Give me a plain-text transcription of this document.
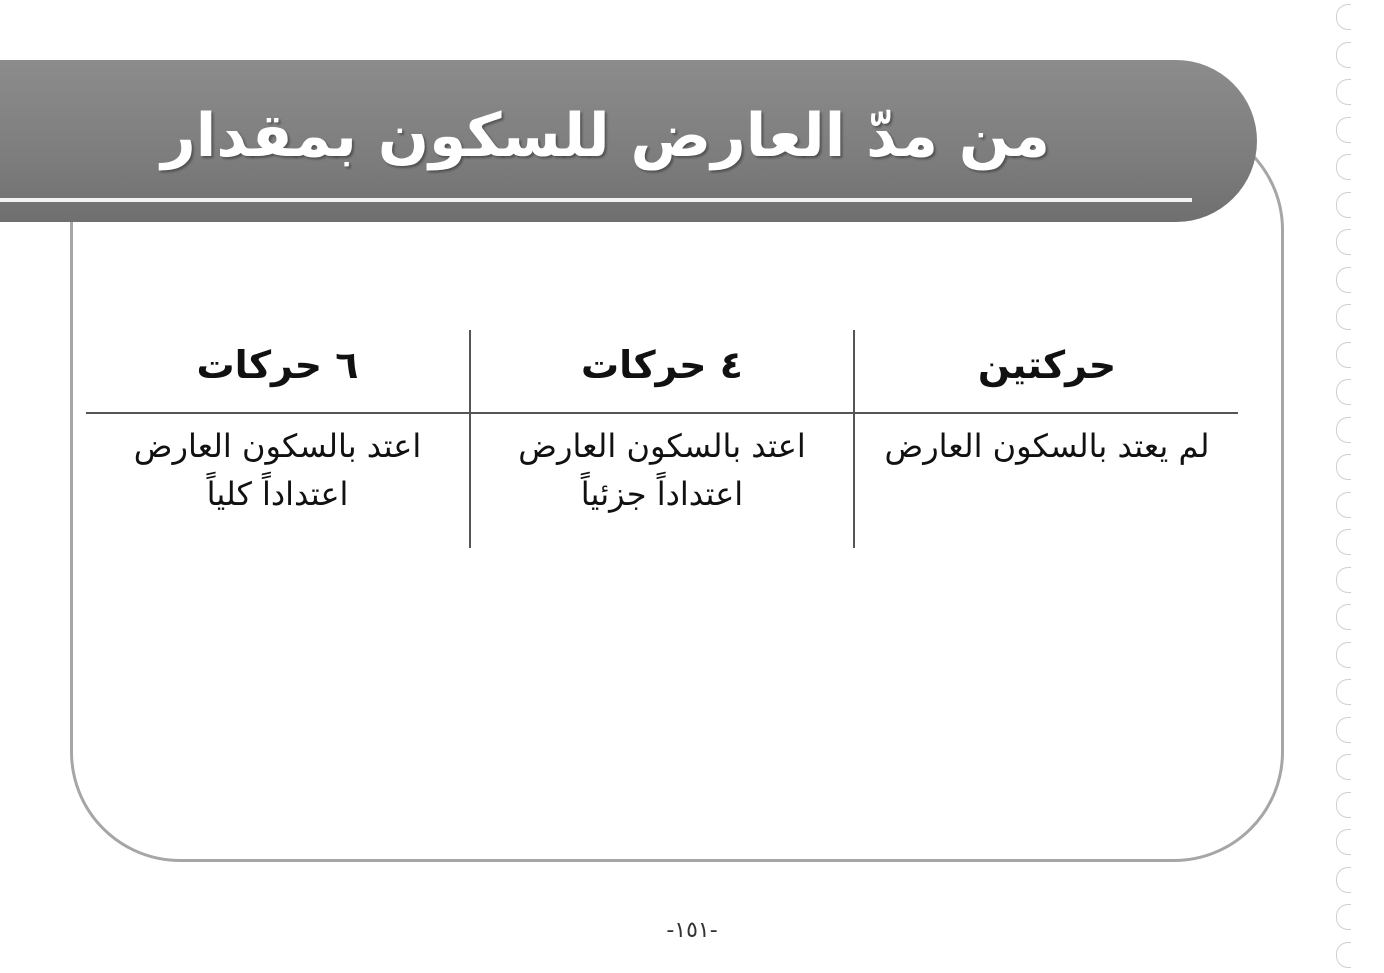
من مدّ العارض للسكون بمقدار
حركتين
٤ حركات
٦ حركات
لم يعتد بالسكون العارض
اعتد بالسكون العارض
اعتداداً جزئياً
اعتد بالسكون العارض
اعتداداً كلياً
-١٥١-
